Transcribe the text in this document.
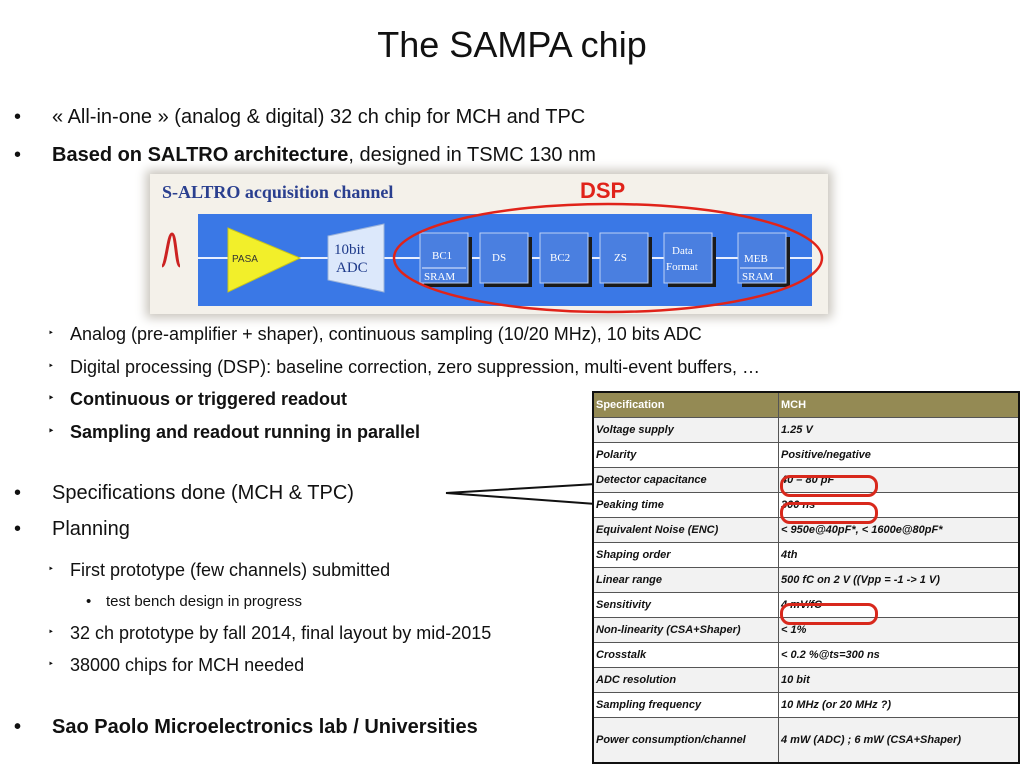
The SAMPA chip
• « All-in-one » (analog & digital) 32 ch chip for MCH and TPC
• Based on SALTRO architecture, designed in TSMC 130 nm
S-ALTRO acquisition channel	DSP
PASA
10bit
ADC
BC1
SRAM
DS	BC2	ZS
Data
Format
MEB
SRAM
‣ Analog (pre-amplifier + shaper), continuous sampling (10/20 MHz), 10 bits ADC
‣ Digital processing (DSP): baseline correction, zero suppression, multi-event buffers, …
‣ Continuous or triggered readout
‣ Sampling and readout running in parallel
• Specifications done (MCH & TPC)
• Planning
‣ First prototype (few channels) submitted
• test bench design in progress
‣ 32 ch prototype by fall 2014, final layout by mid-2015
‣ 38000 chips for MCH needed
• Sao Paolo Microelectronics lab / Universities
Specification	MCH
Voltage supply	1.25 V
Polarity	Positive/negative
Detector capacitance	40 – 80 pF
Peaking time	300 ns
Equivalent Noise (ENC)	< 950e@40pF*, < 1600e@80pF*
Shaping order	4th
Linear range	500 fC on 2 V ((Vpp = -1 -> 1 V)
Sensitivity	4 mV/fC
Non-linearity (CSA+Shaper)	< 1%
Crosstalk	< 0.2 %@ts=300 ns
ADC resolution	10 bit
Sampling frequency	10 MHz (or 20 MHz ?)
Power consumption/channel	4 mW (ADC) ; 6 mW (CSA+Shaper)
